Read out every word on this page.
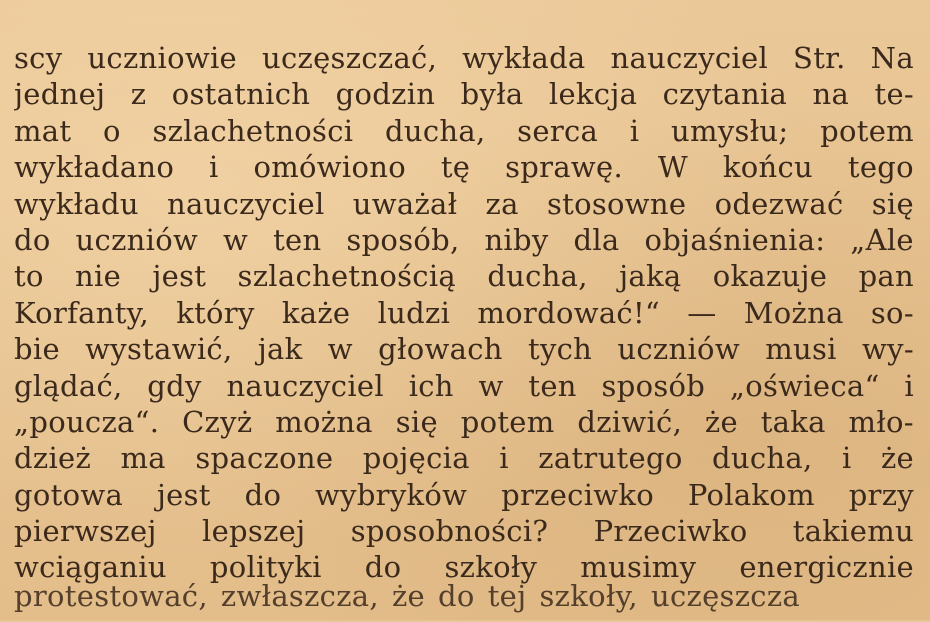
scy uczniowie uczęszczać, wykłada nauczyciel Str. Na
jednej z ostatnich godzin była lekcja czytania na te-
mat o szlachetności ducha, serca i umysłu; potem
wykładano i omówiono tę sprawę. W końcu tego
wykładu nauczyciel uważał za stosowne odezwać się
do uczniów w ten sposób, niby dla objaśnienia: „Ale
to nie jest szlachetnością ducha, jaką okazuje pan
Korfanty, który każe ludzi mordować!“ — Można so-
bie wystawić, jak w głowach tych uczniów musi wy-
glądać, gdy nauczyciel ich w ten sposób „oświeca“ i
„poucza“. Czyż można się potem dziwić, że taka mło-
dzież ma spaczone pojęcia i zatrutego ducha, i że
gotowa jest do wybryków przeciwko Polakom przy
pierwszej lepszej sposobności? Przeciwko takiemu
wciąganiu polityki do szkoły musimy energicznie
protestować, zwłaszcza, że do tej szkoły, uczęszcza
